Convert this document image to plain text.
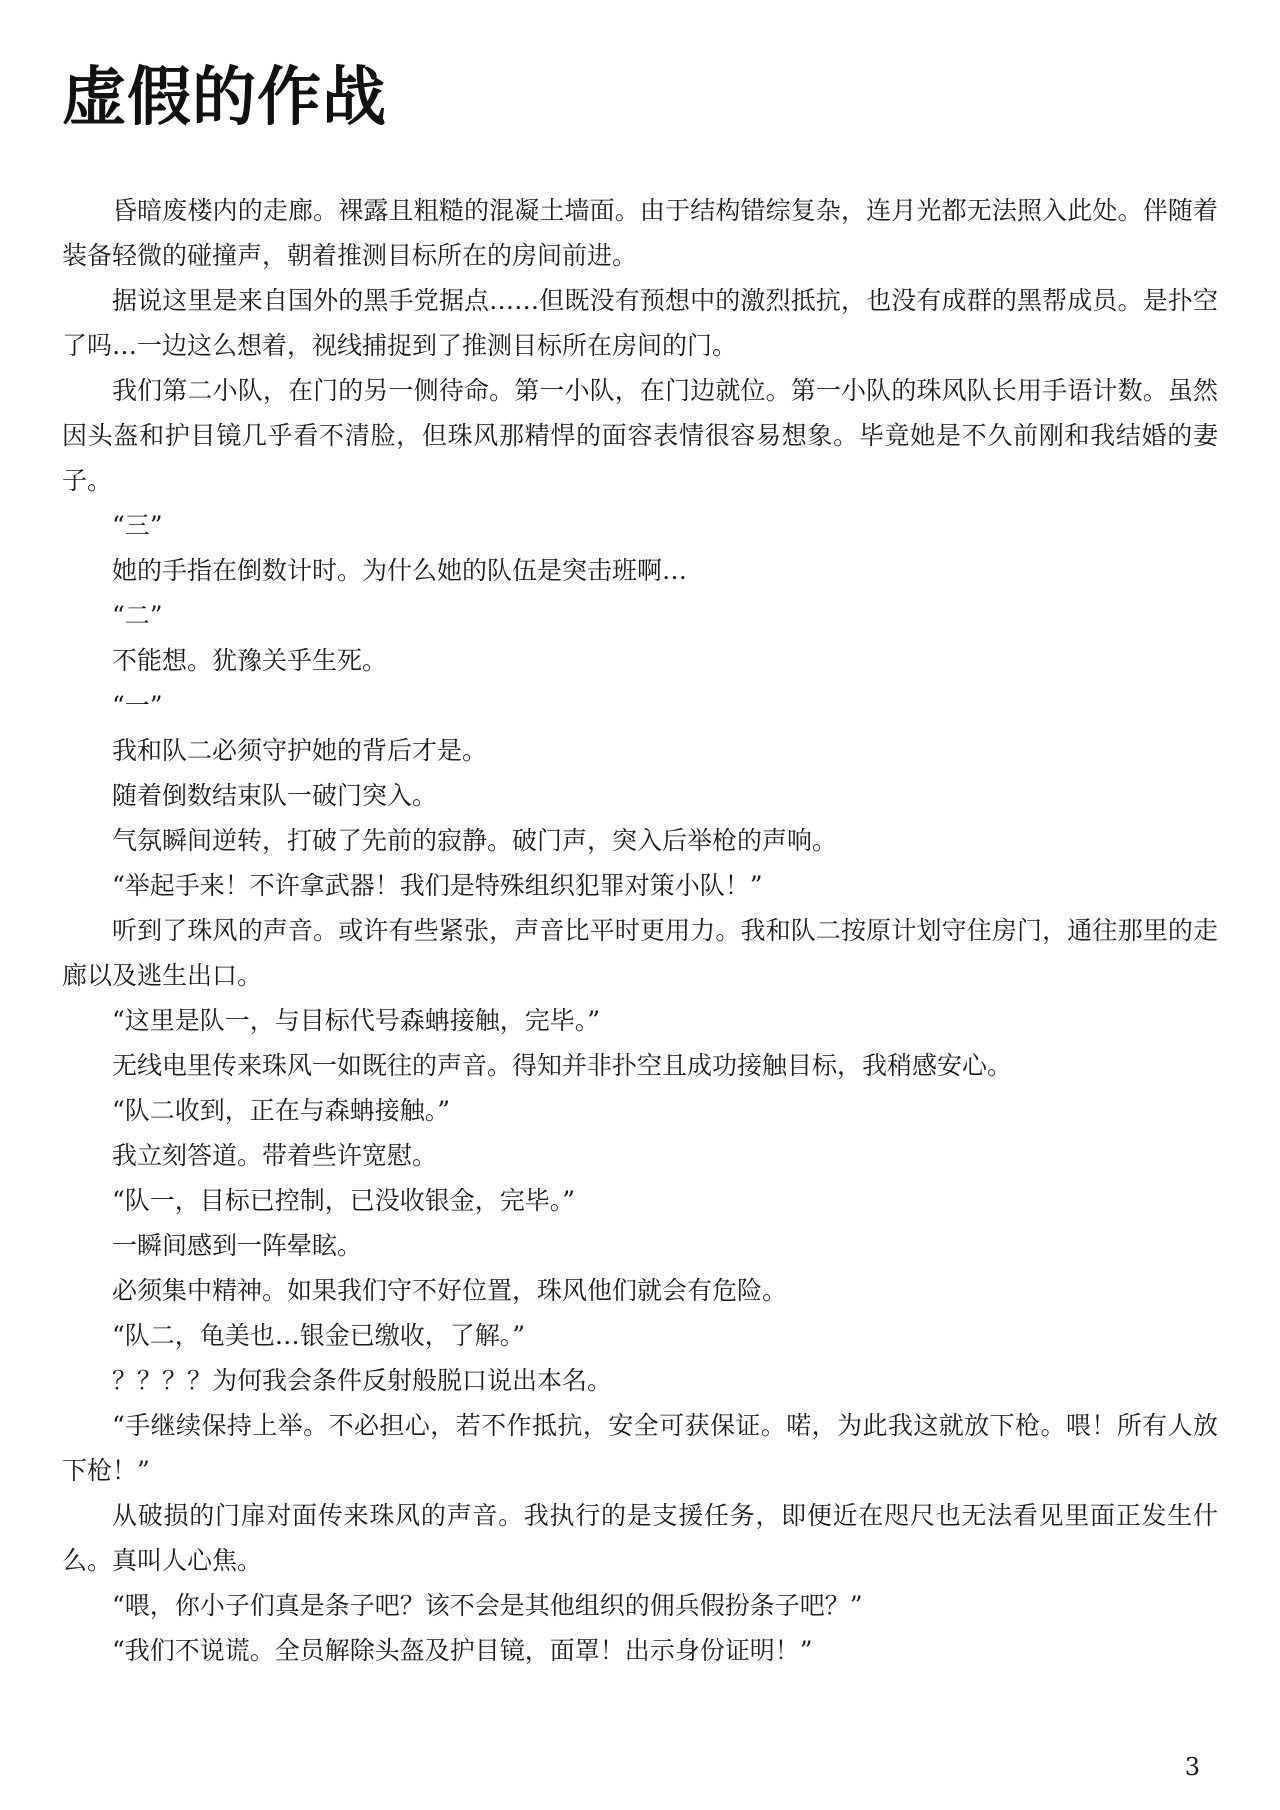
虚假的作战

昏暗废楼内的走廊。裸露且粗糙的混凝土墙面。由于结构错综复杂，连月光都无法照入此处。伴随着装备轻微的碰撞声，朝着推测目标所在的房间前进。

据说这里是来自国外的黑手党据点……但既没有预想中的激烈抵抗，也没有成群的黑帮成员。是扑空了吗…一边这么想着，视线捕捉到了推测目标所在房间的门。

我们第二小队，在门的另一侧待命。第一小队，在门边就位。第一小队的珠风队长用手语计数。虽然因头盔和护目镜几乎看不清脸，但珠风那精悍的面容表情很容易想象。毕竟她是不久前刚和我结婚的妻子。

“三”

她的手指在倒数计时。为什么她的队伍是突击班啊…

“二”

不能想。犹豫关乎生死。

“一”

我和队二必须守护她的背后才是。

随着倒数结束队一破门突入。

气氛瞬间逆转，打破了先前的寂静。破门声，突入后举枪的声响。

“举起手来！不许拿武器！我们是特殊组织犯罪对策小队！”

听到了珠风的声音。或许有些紧张，声音比平时更用力。我和队二按原计划守住房门，通往那里的走廊以及逃生出口。

“这里是队一，与目标代号森蚺接触，完毕。”

无线电里传来珠风一如既往的声音。得知并非扑空且成功接触目标，我稍感安心。

“队二收到，正在与森蚺接触。”

我立刻答道。带着些许宽慰。

“队一，目标已控制，已没收银金，完毕。”

一瞬间感到一阵晕眩。

必须集中精神。如果我们守不好位置，珠风他们就会有危险。

“队二，龟美也…银金已缴收，了解。”

？？？？为何我会条件反射般脱口说出本名。

“手继续保持上举。不必担心，若不作抵抗，安全可获保证。喏，为此我这就放下枪。喂！所有人放下枪！”

从破损的门扉对面传来珠风的声音。我执行的是支援任务，即便近在咫尺也无法看见里面正发生什么。真叫人心焦。

“喂，你小子们真是条子吧？该不会是其他组织的佣兵假扮条子吧？”

“我们不说谎。全员解除头盔及护目镜，面罩！出示身份证明！”

3
